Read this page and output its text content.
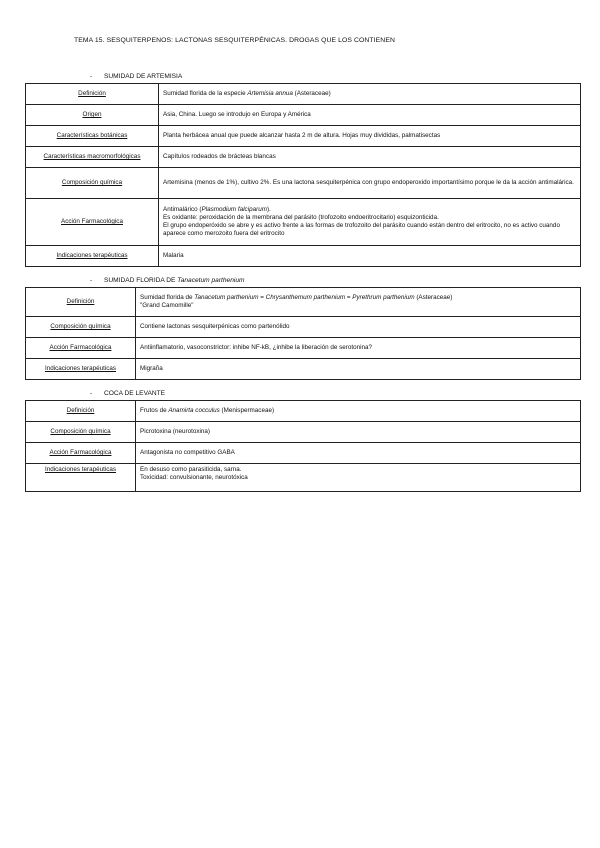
TEMA 15. SESQUITERPENOS: LACTONAS SESQUITERPÉNICAS. DROGAS QUE LOS CONTIENEN
- SUMIDAD DE ARTEMISIA
Definición	Sumidad florida de la especie Artemisia annua (Asteraceae)
Origen	Asia, China. Luego se introdujo en Europa y América
Características botánicas	Planta herbácea anual que puede alcanzar hasta 2 m de altura. Hojas muy divididas, palmatisectas
Características macromorfológicas	Capítulos rodeados de brácteas blancas
Composición química	Artemisina (menos de 1%), cultivo 2%. Es una lactona sesquiterpénica con grupo endoperoxido importantísimo porque le da la acción antimalárica.
Acción Farmacológica	Antimalárico (Plasmodium falciparum).
Es oxidante: peroxidación de la membrana del parásito (trofozoito endoeritrocitario) esquizonticida.
El grupo endoperóxido se abre y es activo frente a las formas de trofozoito del parásito cuando están dentro del eritrocito, no es activo cuando aparece como merozoito fuera del eritrocito

Indicaciones terapéuticas	Malaria
- SUMIDAD FLORIDA DE Tanacetum parthenium
Definición	Sumidad florida de Tanacetum parthenium = Chrysanthemum parthenium = Pyrethrum parthenium (Asteraceae)
"Grand Camomille"

Composición química	Contiene lactonas sesquiterpénicas como partenólido
Acción Farmacológica	Antiinflamatorio, vasoconstrictor: inhibe NF-kB, ¿inhibe la liberación de serotonina?
Indicaciones terapéuticas	Migraña
- COCA DE LEVANTE
Definición	Frutos de Anamirta cocculus (Menispermaceae)
Composición química	Picrotoxina (neurotoxina)
Acción Farmacológica	Antagonista no competitivo GABA
Indicaciones terapéuticas	En desuso como parasiticida, sarna.
Toxicidad: convulsionante, neurotóxica
